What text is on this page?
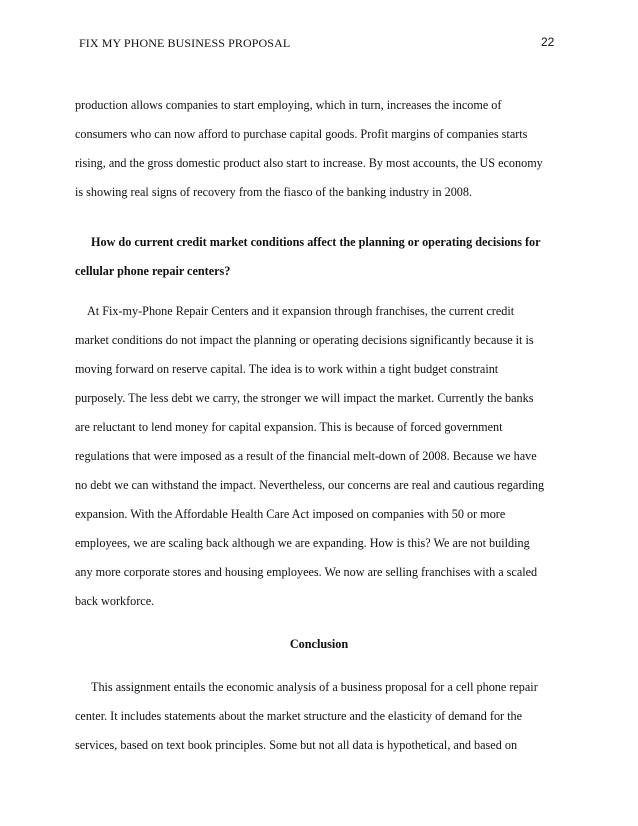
FIX MY PHONE BUSINESS PROPOSAL	22
production allows companies to start employing, which in turn, increases the income of
consumers who can now afford to purchase capital goods. Profit margins of companies starts
rising, and the gross domestic product also start to increase. By most accounts, the US economy
is showing real signs of recovery from the fiasco of the banking industry in 2008.
How do current credit market conditions affect the planning or operating decisions for
cellular phone repair centers?
At Fix-my-Phone Repair Centers and it expansion through franchises, the current credit
market conditions do not impact the planning or operating decisions significantly because it is
moving forward on reserve capital. The idea is to work within a tight budget constraint
purposely. The less debt we carry, the stronger we will impact the market. Currently the banks
are reluctant to lend money for capital expansion. This is because of forced government
regulations that were imposed as a result of the financial melt-down of 2008. Because we have
no debt we can withstand the impact. Nevertheless, our concerns are real and cautious regarding
expansion. With the Affordable Health Care Act imposed on companies with 50 or more
employees, we are scaling back although we are expanding. How is this? We are not building
any more corporate stores and housing employees. We now are selling franchises with a scaled
back workforce.
Conclusion
This assignment entails the economic analysis of a business proposal for a cell phone repair
center. It includes statements about the market structure and the elasticity of demand for the
services, based on text book principles. Some but not all data is hypothetical, and based on
